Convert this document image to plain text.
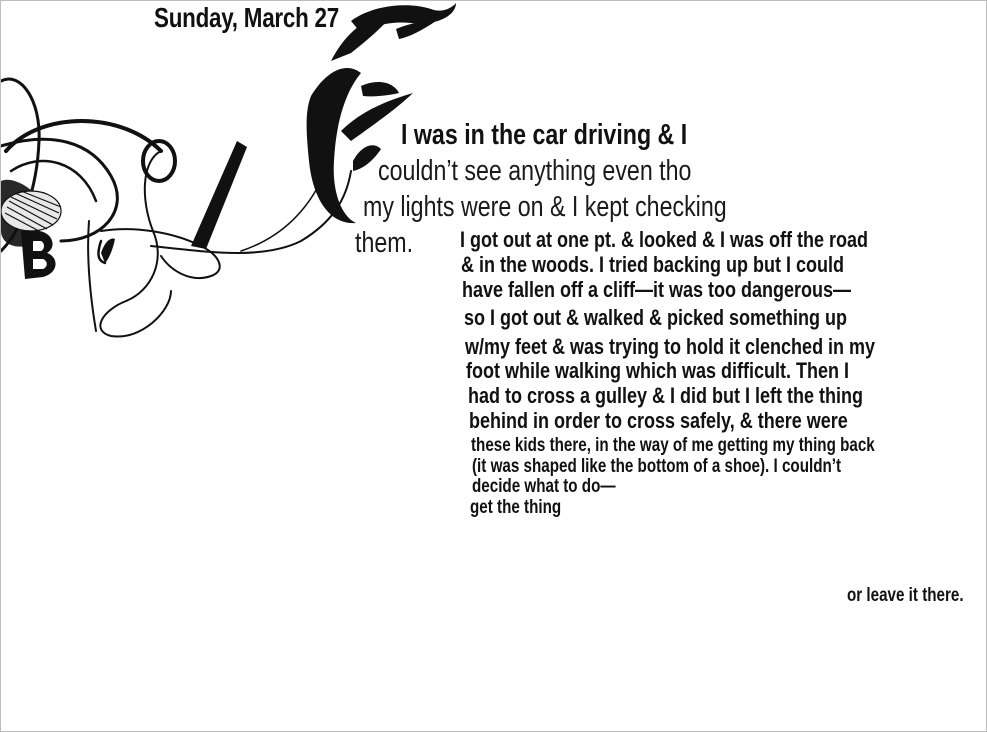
Sunday, March 27

I was in the car driving & I

couldn’t see anything even tho

my lights were on & I kept checking

them. I got out at one pt. & looked & I was off the road

& in the woods. I tried backing up but I could

have fallen off a cliff—it was too dangerous—

so I got out & walked & picked something up

w/my feet & was trying to hold it clenched in my

foot while walking which was difficult. Then I

had to cross a gulley & I did but I left the thing

behind in order to cross safely, & there were

these kids there, in the way of me getting my thing back

(it was shaped like the bottom of a shoe). I couldn’t

decide what to do—

get the thing

or leave it there.
